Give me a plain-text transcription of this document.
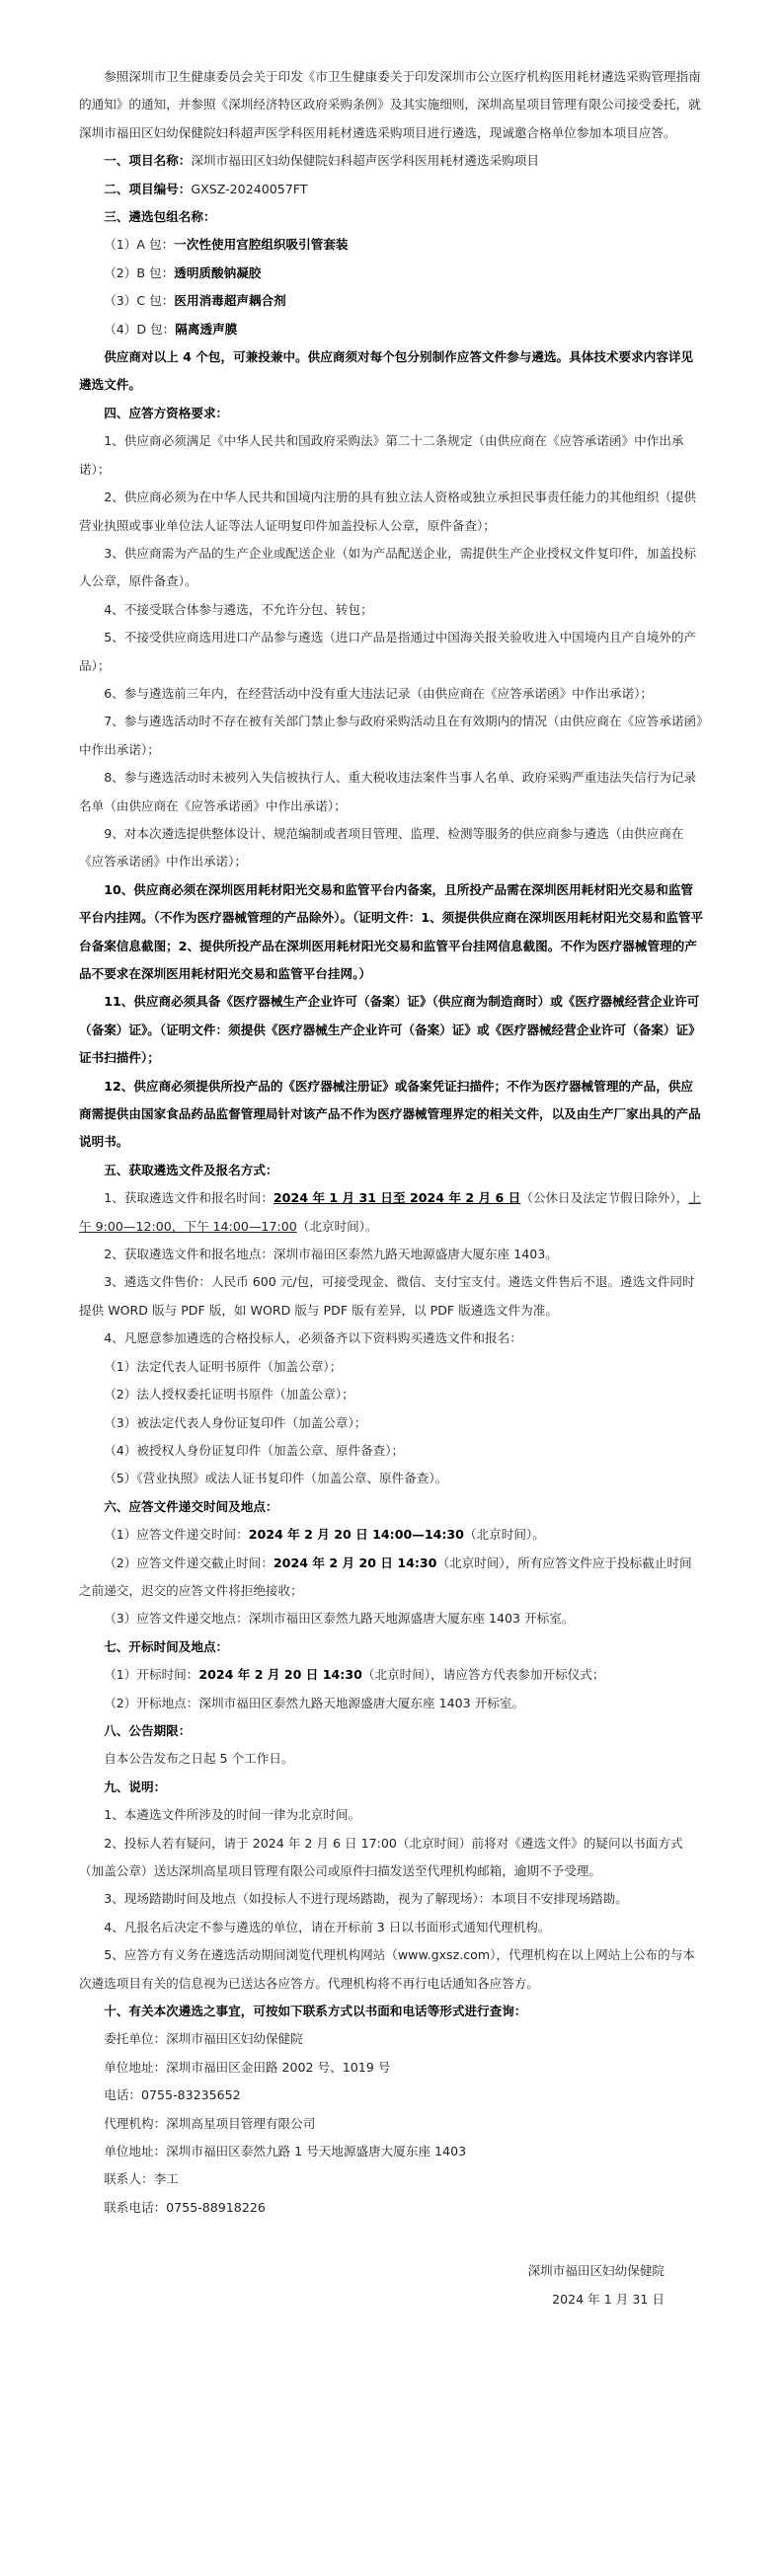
参照深圳市卫生健康委员会关于印发《市卫生健康委关于印发深圳市公立医疗机构医用耗材遴选采购管理指南的通知》的通知，并参照《深圳经济特区政府采购条例》及其实施细则，深圳高星项目管理有限公司接受委托，就深圳市福田区妇幼保健院妇科超声医学科医用耗材遴选采购项目进行遴选，现诚邀合格单位参加本项目应答。

一、项目名称：深圳市福田区妇幼保健院妇科超声医学科医用耗材遴选采购项目

二、项目编号：GXSZ-20240057FT

三、遴选包组名称：

（1）A 包：一次性使用宫腔组织吸引管套装

（2）B 包：透明质酸钠凝胶

（3）C 包：医用消毒超声耦合剂

（4）D 包：隔离透声膜

供应商对以上 4 个包，可兼投兼中。供应商须对每个包分别制作应答文件参与遴选。具体技术要求内容详见遴选文件。

四、应答方资格要求：

1、供应商必须满足《中华人民共和国政府采购法》第二十二条规定（由供应商在《应答承诺函》中作出承诺）；

2、供应商必须为在中华人民共和国境内注册的具有独立法人资格或独立承担民事责任能力的其他组织（提供营业执照或事业单位法人证等法人证明复印件加盖投标人公章，原件备查）；

3、供应商需为产品的生产企业或配送企业（如为产品配送企业，需提供生产企业授权文件复印件，加盖投标人公章，原件备查）。

4、不接受联合体参与遴选，不允许分包、转包；

5、不接受供应商选用进口产品参与遴选（进口产品是指通过中国海关报关验收进入中国境内且产自境外的产品）；

6、参与遴选前三年内，在经营活动中没有重大违法记录（由供应商在《应答承诺函》中作出承诺）；

7、参与遴选活动时不存在被有关部门禁止参与政府采购活动且在有效期内的情况（由供应商在《应答承诺函》中作出承诺）；

8、参与遴选活动时未被列入失信被执行人、重大税收违法案件当事人名单、政府采购严重违法失信行为记录名单（由供应商在《应答承诺函》中作出承诺）；

9、对本次遴选提供整体设计、规范编制或者项目管理、监理、检测等服务的供应商参与遴选（由供应商在《应答承诺函》中作出承诺）；

10、供应商必须在深圳医用耗材阳光交易和监管平台内备案，且所投产品需在深圳医用耗材阳光交易和监管平台内挂网。（不作为医疗器械管理的产品除外）。（证明文件：1、须提供供应商在深圳医用耗材阳光交易和监管平台备案信息截图；2、提供所投产品在深圳医用耗材阳光交易和监管平台挂网信息截图。不作为医疗器械管理的产品不要求在深圳医用耗材阳光交易和监管平台挂网。）

11、供应商必须具备《医疗器械生产企业许可（备案）证》（供应商为制造商时）或《医疗器械经营企业许可（备案）证》。（证明文件：须提供《医疗器械生产企业许可（备案）证》或《医疗器械经营企业许可（备案）证》证书扫描件）；

12、供应商必须提供所投产品的《医疗器械注册证》或备案凭证扫描件；不作为医疗器械管理的产品，供应商需提供由国家食品药品监督管理局针对该产品不作为医疗器械管理界定的相关文件，以及由生产厂家出具的产品说明书。

五、获取遴选文件及报名方式：

1、获取遴选文件和报名时间：2024 年 1 月 31 日至 2024 年 2 月 6 日（公休日及法定节假日除外），上午 9:00—12:00，下午 14:00—17:00（北京时间）。

2、获取遴选文件和报名地点：深圳市福田区泰然九路天地源盛唐大厦东座 1403。

3、遴选文件售价：人民币 600 元/包，可接受现金、微信、支付宝支付。遴选文件售后不退。遴选文件同时提供 WORD 版与 PDF 版，如 WORD 版与 PDF 版有差异，以 PDF 版遴选文件为准。

4、凡愿意参加遴选的合格投标人，必须备齐以下资料购买遴选文件和报名：

（1）法定代表人证明书原件（加盖公章）；

（2）法人授权委托证明书原件（加盖公章）；

（3）被法定代表人身份证复印件（加盖公章）；

（4）被授权人身份证复印件（加盖公章、原件备查）；

（5）《营业执照》或法人证书复印件（加盖公章、原件备查）。

六、应答文件递交时间及地点：

（1）应答文件递交时间：2024 年 2 月 20 日 14:00—14:30（北京时间）。

（2）应答文件递交截止时间：2024 年 2 月 20 日 14:30（北京时间），所有应答文件应于投标截止时间之前递交，迟交的应答文件将拒绝接收；

（3）应答文件递交地点：深圳市福田区泰然九路天地源盛唐大厦东座 1403 开标室。

七、开标时间及地点：

（1）开标时间：2024 年 2 月 20 日 14:30（北京时间），请应答方代表参加开标仪式；

（2）开标地点：深圳市福田区泰然九路天地源盛唐大厦东座 1403 开标室。

八、公告期限：

自本公告发布之日起 5 个工作日。

九、说明：

1、本遴选文件所涉及的时间一律为北京时间。

2、投标人若有疑问，请于 2024 年 2 月 6 日 17:00（北京时间）前将对《遴选文件》的疑问以书面方式（加盖公章）送达深圳高星项目管理有限公司或原件扫描发送至代理机构邮箱，逾期不予受理。

3、现场踏勘时间及地点（如投标人不进行现场踏勘，视为了解现场）：本项目不安排现场踏勘。

4、凡报名后决定不参与遴选的单位，请在开标前 3 日以书面形式通知代理机构。

5、应答方有义务在遴选活动期间浏览代理机构网站（www.gxsz.com），代理机构在以上网站上公布的与本次遴选项目有关的信息视为已送达各应答方。代理机构将不再行电话通知各应答方。

十、有关本次遴选之事宜，可按如下联系方式以书面和电话等形式进行查询：

委托单位：深圳市福田区妇幼保健院

单位地址：深圳市福田区金田路 2002 号、1019 号

电话：0755-83235652

代理机构：深圳高星项目管理有限公司

单位地址：深圳市福田区泰然九路 1 号天地源盛唐大厦东座 1403

联系人：李工

联系电话：0755-88918226

深圳市福田区妇幼保健院

2024 年 1 月 31 日
